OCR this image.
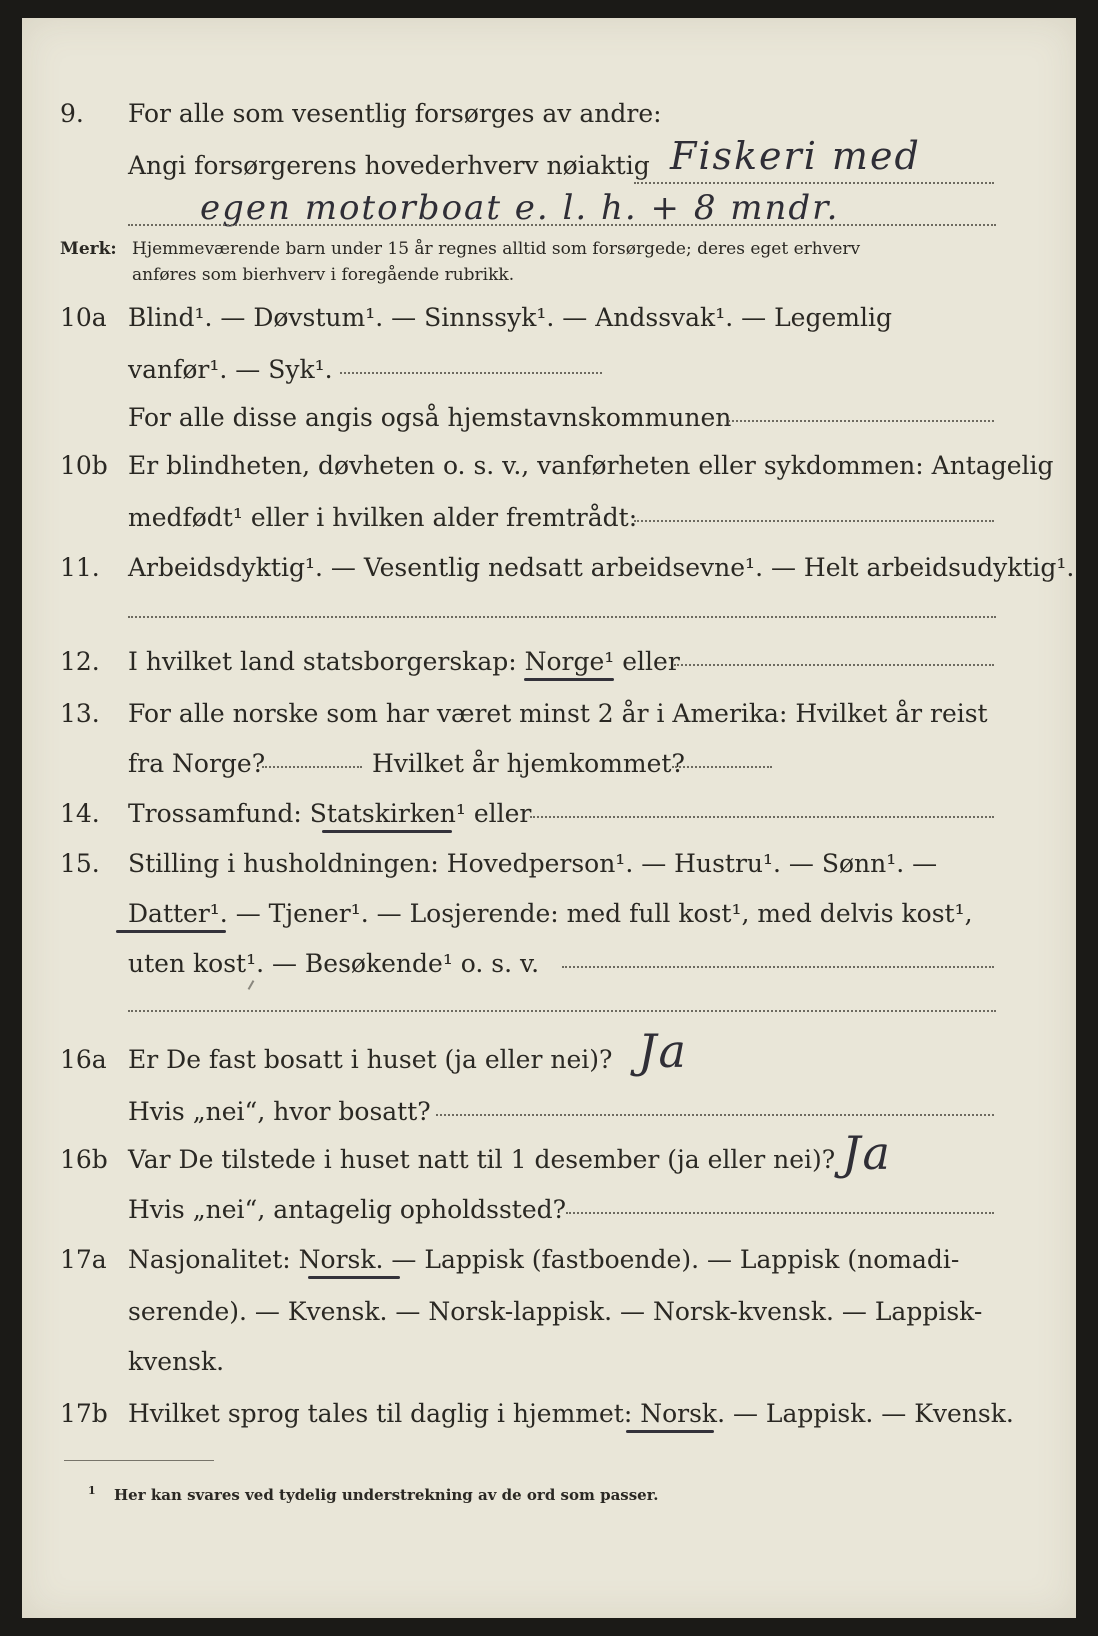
9. For alle som vesentlig forsørges av andre:
Fiskeri med
Angi forsørgerens hovederhverv nøiaktig
egen motorboat e. l. h. + 8 mndr.
Merk: Hjemmeværende barn under 15 år regnes alltid som forsørgede; deres eget erhverv
anføres som bierhverv i foregående rubrikk.
10a Blind¹. — Døvstum¹. — Sinnssyk¹. — Andssvak¹. — Legemlig
vanfør¹. — Syk¹.
For alle disse angis også hjemstavnskommunen
10b Er blindheten, døvheten o. s. v., vanførheten eller sykdommen: Antagelig
medfødt¹ eller i hvilken alder fremtrådt:
11. Arbeidsdyktig¹. — Vesentlig nedsatt arbeidsevne¹. — Helt arbeidsudyktig¹.
12. I hvilket land statsborgerskap: Norge¹ eller
13. For alle norske som har været minst 2 år i Amerika: Hvilket år reist
fra Norge?	Hvilket år hjemkommet?
14. Trossamfund: Statskirken¹ eller
15. Stilling i husholdningen: Hovedperson¹. — Hustru¹. — Sønn¹. —
Datter¹. — Tjener¹. — Losjerende: med full kost¹, med delvis kost¹,
uten kost¹. — Besøkende¹ o. s. v.
16a Er De fast bosatt i huset (ja eller nei)? Ja
Hvis „nei“, hvor bosatt?
16b Var De tilstede i huset natt til 1 desember (ja eller nei)? Ja
Hvis „nei“, antagelig opholdssted?
17a Nasjonalitet: Norsk. — Lappisk (fastboende). — Lappisk (nomadi-
serende). — Kvensk. — Norsk-lappisk. — Norsk-kvensk. — Lappisk-
kvensk.
17b Hvilket sprog tales til daglig i hjemmet: Norsk. — Lappisk. — Kvensk.
1 Her kan svares ved tydelig understrekning av de ord som passer.
